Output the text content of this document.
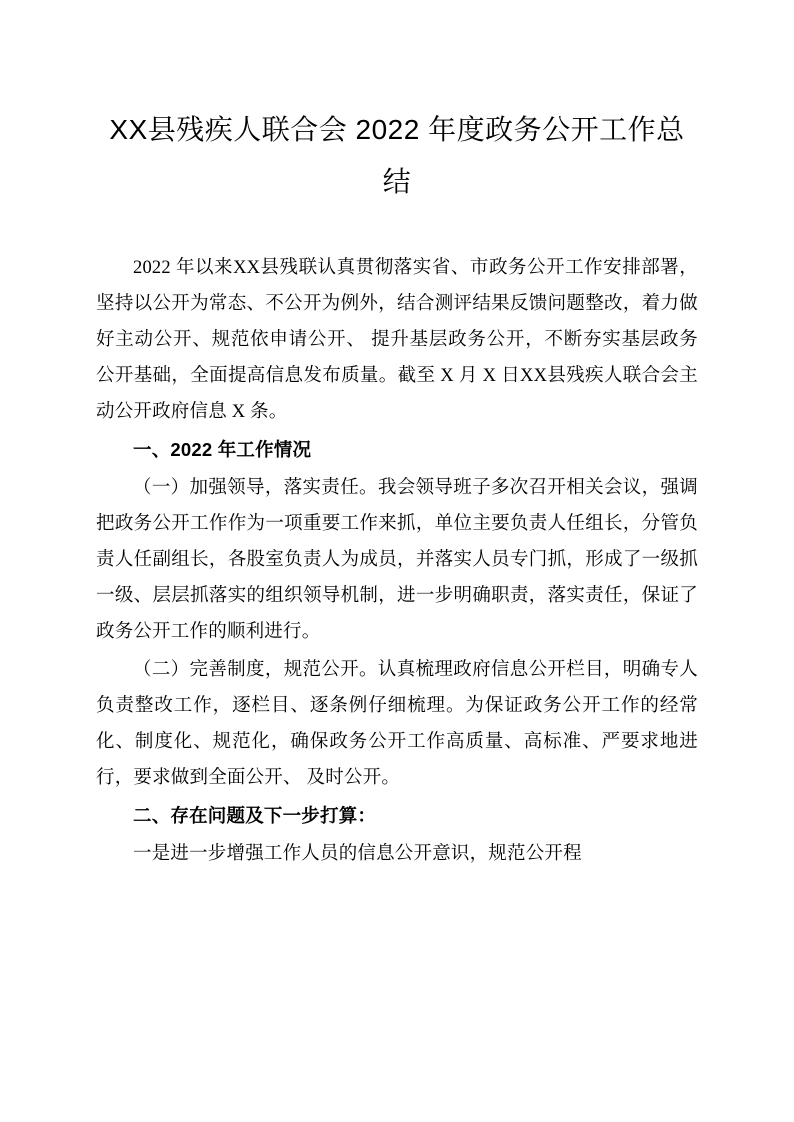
XX县残疾人联合会 2022 年度政务公开工作总结

2022 年以来XX县残联认真贯彻落实省、市政务公开工作安排部署，坚持以公开为常态、不公开为例外，结合测评结果反馈问题整改，着力做好主动公开、规范依申请公开、 提升基层政务公开，不断夯实基层政务公开基础，全面提高信息发布质量。截至 X 月 X 日XX县残疾人联合会主动公开政府信息 X 条。

一、2022 年工作情况

（一）加强领导，落实责任。我会领导班子多次召开相关会议，强调把政务公开工作作为一项重要工作来抓，单位主要负责人任组长，分管负责人任副组长，各股室负责人为成员，并落实人员专门抓，形成了一级抓一级、层层抓落实的组织领导机制，进一步明确职责，落实责任，保证了政务公开工作的顺利进行。

（二）完善制度，规范公开。认真梳理政府信息公开栏目，明确专人负责整改工作，逐栏目、逐条例仔细梳理。为保证政务公开工作的经常化、制度化、规范化，确保政务公开工作高质量、高标准、严要求地进行，要求做到全面公开、 及时公开。

二、存在问题及下一步打算：

一是进一步增强工作人员的信息公开意识，规范公开程
